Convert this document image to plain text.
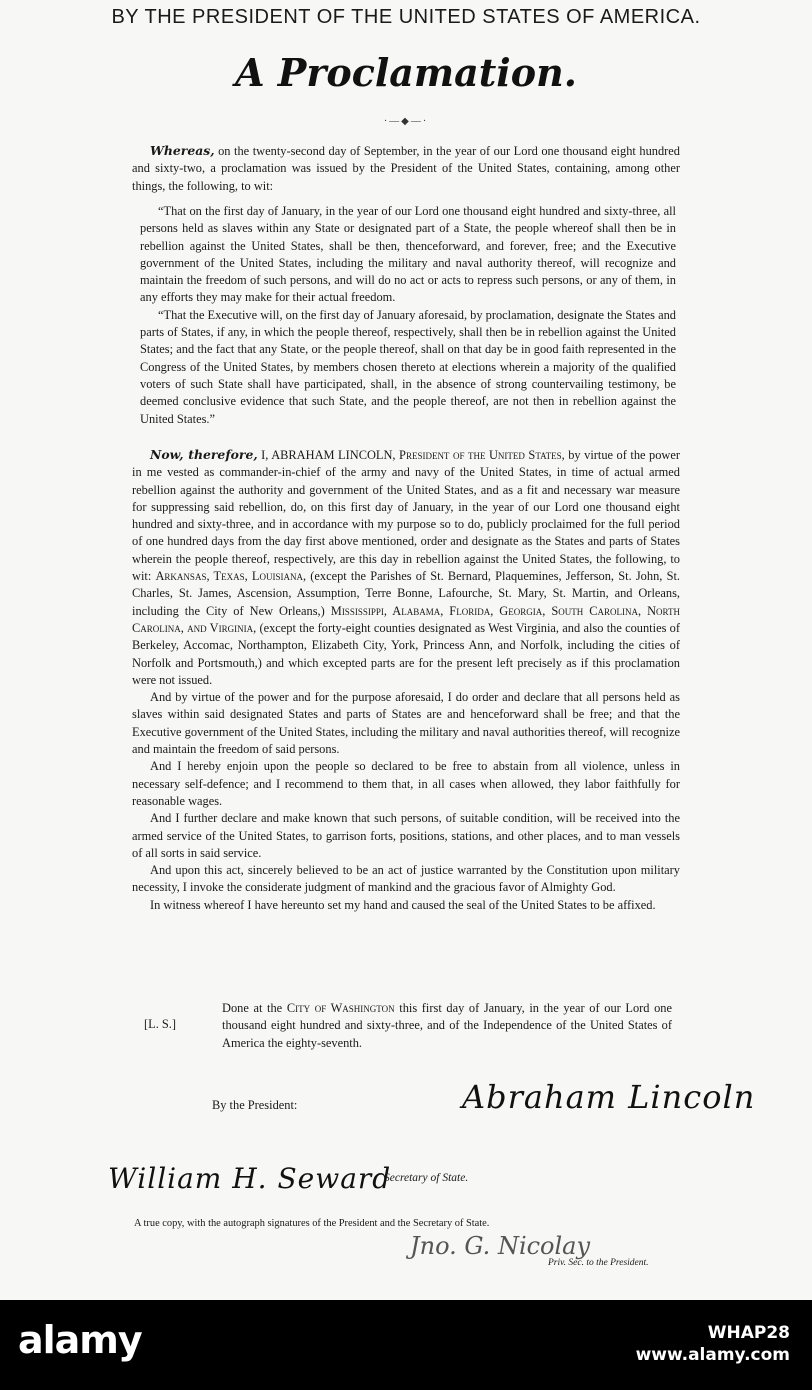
BY THE PRESIDENT OF THE UNITED STATES OF AMERICA.
A Proclamation.
·—◆—·

Whereas, on the twenty-second day of September, in the year of our Lord one thousand eight hundred and sixty-two, a proclamation was issued by the President of the United States, containing, among other things, the following, to wit:

“That on the first day of January, in the year of our Lord one thousand eight hundred and sixty-three, all persons held as slaves within any State or designated part of a State, the people whereof shall then be in rebellion against the United States, shall be then, thenceforward, and forever, free; and the Executive government of the United States, including the military and naval authority thereof, will recognize and maintain the freedom of such persons, and will do no act or acts to repress such persons, or any of them, in any efforts they may make for their actual freedom.

“That the Executive will, on the first day of January aforesaid, by proclamation, designate the States and parts of States, if any, in which the people thereof, respectively, shall then be in rebellion against the United States; and the fact that any State, or the people thereof, shall on that day be in good faith represented in the Congress of the United States, by members chosen thereto at elections wherein a majority of the qualified voters of such State shall have participated, shall, in the absence of strong countervailing testimony, be deemed conclusive evidence that such State, and the people thereof, are not then in rebellion against the United States.”

Now, therefore, I, ABRAHAM LINCOLN, President of the United States, by virtue of the power in me vested as commander-in-chief of the army and navy of the United States, in time of actual armed rebellion against the authority and government of the United States, and as a fit and necessary war measure for suppressing said rebellion, do, on this first day of January, in the year of our Lord one thousand eight hundred and sixty-three, and in accordance with my purpose so to do, publicly proclaimed for the full period of one hundred days from the day first above mentioned, order and designate as the States and parts of States wherein the people thereof, respectively, are this day in rebellion against the United States, the following, to wit: Arkansas, Texas, Louisiana, (except the Parishes of St. Bernard, Plaquemines, Jefferson, St. John, St. Charles, St. James, Ascension, Assumption, Terre Bonne, Lafourche, St. Mary, St. Martin, and Orleans, including the City of New Orleans,) Mississippi, Alabama, Florida, Georgia, South Carolina, North Carolina, and Virginia, (except the forty-eight counties designated as West Virginia, and also the counties of Berkeley, Accomac, Northampton, Elizabeth City, York, Princess Ann, and Norfolk, including the cities of Norfolk and Portsmouth,) and which excepted parts are for the present left precisely as if this proclamation were not issued.

And by virtue of the power and for the purpose aforesaid, I do order and declare that all persons held as slaves within said designated States and parts of States are and henceforward shall be free; and that the Executive government of the United States, including the military and naval authorities thereof, will recognize and maintain the freedom of said persons.

And I hereby enjoin upon the people so declared to be free to abstain from all violence, unless in necessary self-defence; and I recommend to them that, in all cases when allowed, they labor faithfully for reasonable wages.

And I further declare and make known that such persons, of suitable condition, will be received into the armed service of the United States, to garrison forts, positions, stations, and other places, and to man vessels of all sorts in said service.

And upon this act, sincerely believed to be an act of justice warranted by the Constitution upon military necessity, I invoke the considerate judgment of mankind and the gracious favor of Almighty God.

In witness whereof I have hereunto set my hand and caused the seal of the United States to be affixed.

Done at the City of Washington this first day of January, in the year of our Lord one thousand eight hundred and sixty-three, and of the Independence of the United States of America the eighty-seventh.

[L. S.]
By the President:	Abraham Lincoln
William H. Seward
Secretary of State.
A true copy, with the autograph signatures of the President and the Secretary of State.
Jno. G. Nicolay
Priv. Sec. to the President.
alamy	WHAP28
www.alamy.com
